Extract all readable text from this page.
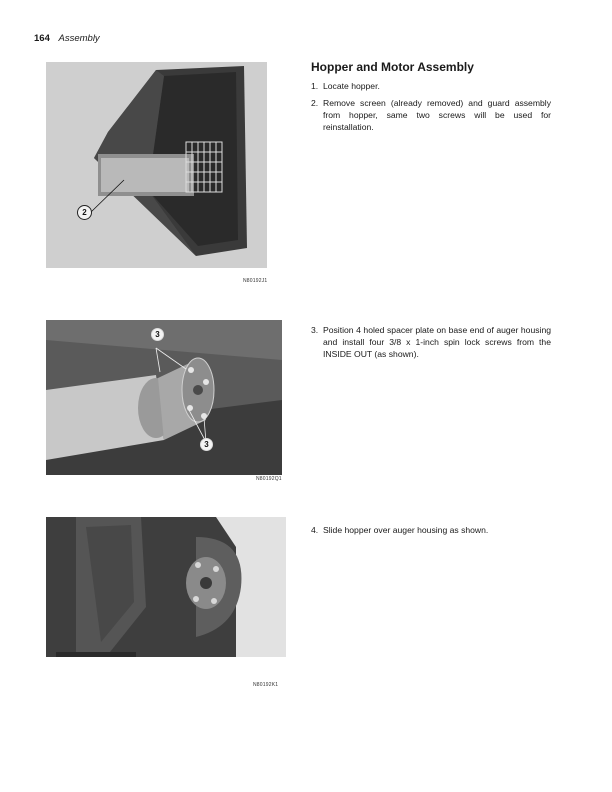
164 Assembly
2
N80192J1
3
3
N80192Q1
N80192K1
Hopper and Motor Assembly
1. Locate hopper.
2. Remove screen (already removed) and guard assembly from hopper, same two screws will be used for reinstallation.
3. Position 4 holed spacer plate on base end of auger housing and install four 3/8 x 1-inch spin lock screws from the INSIDE OUT (as shown).
4. Slide hopper over auger housing as shown.
